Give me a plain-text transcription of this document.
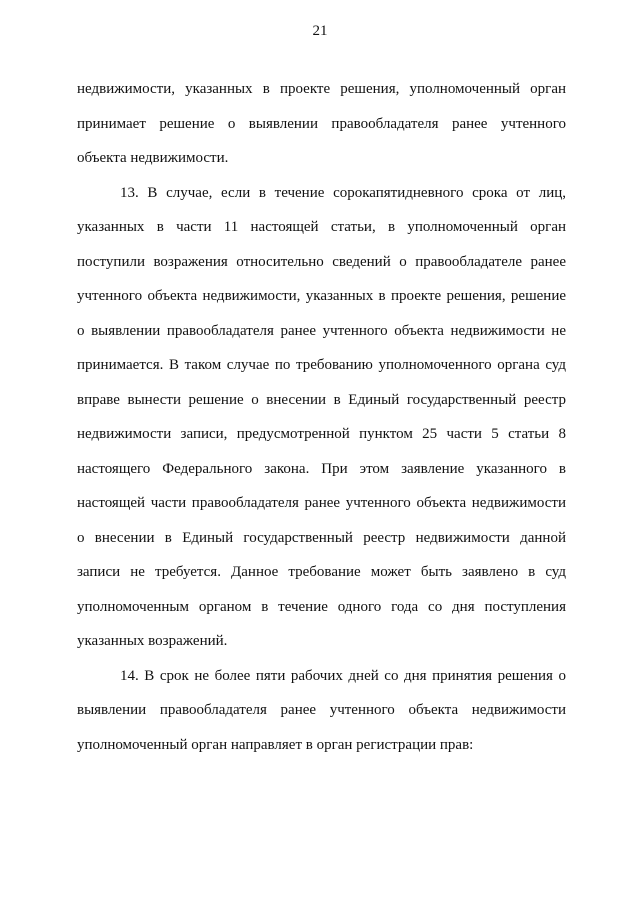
21

недвижимости, указанных в проекте решения, уполномоченный орган
принимает решение о выявлении правообладателя ранее учтенного
объекта недвижимости.

13. В случае, если в течение сорокапятидневного срока от лиц,
указанных в части 11 настоящей статьи, в уполномоченный орган
поступили возражения относительно сведений о правообладателе ранее
учтенного объекта недвижимости, указанных в проекте решения, решение
о выявлении правообладателя ранее учтенного объекта недвижимости не
принимается. В таком случае по требованию уполномоченного органа суд
вправе вынести решение о внесении в Единый государственный реестр
недвижимости записи, предусмотренной пунктом 25 части 5 статьи 8
настоящего Федерального закона. При этом заявление указанного в
настоящей части правообладателя ранее учтенного объекта недвижимости
о внесении в Единый государственный реестр недвижимости данной
записи не требуется. Данное требование может быть заявлено в суд
уполномоченным органом в течение одного года со дня поступления
указанных возражений.

14. В срок не более пяти рабочих дней со дня принятия решения о
выявлении правообладателя ранее учтенного объекта недвижимости
уполномоченный орган направляет в орган регистрации прав:
